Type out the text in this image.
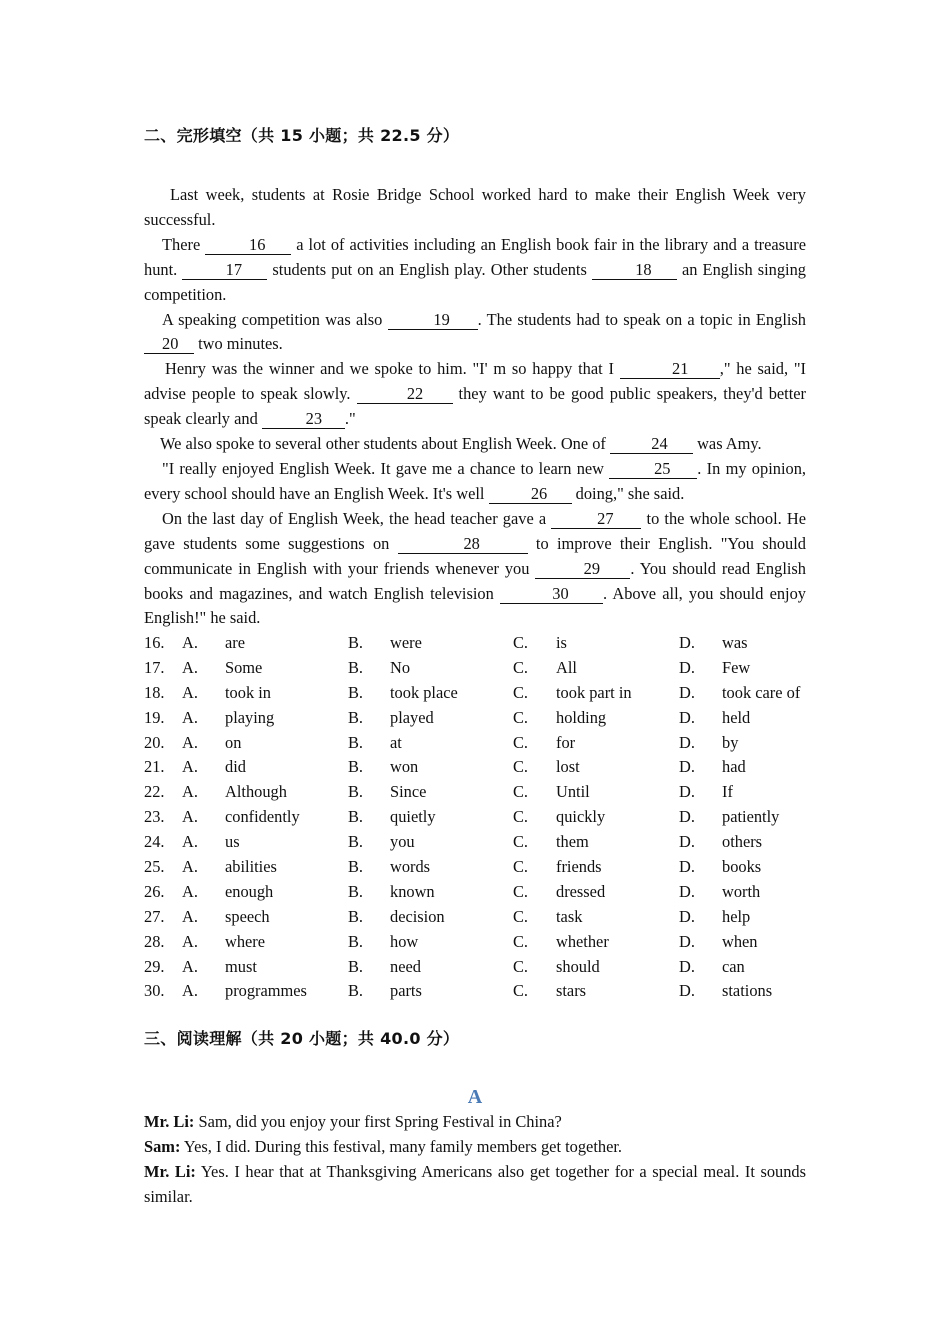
二、完形填空（共 15 小题；共 22.5 分）

Last week, students at Rosie Bridge School worked hard to make their English Week very successful.

There	16 a lot of activities including an English book fair in the library and a treasure hunt.	17 students put on an English play. Other students	18 an English singing competition.

A speaking competition was also	19 . The students had to speak on a topic in English 20 two minutes.

Henry was the winner and we spoke to him. "I' m so happy that I	21 ," he said, "I advise people to speak slowly.	22 they want to be good public speakers, they'd better speak clearly and	23 ."

We also spoke to several other students about English Week. One of	24 was Amy.

"I really enjoyed English Week. It gave me a chance to learn new	25 . In my opinion, every school should have an English Week. It's well	26 doing," she said.

On the last day of English Week, the head teacher gave a	27 to the whole school. He gave students some suggestions on	28	to improve their English. "You should communicate in English with your friends whenever you	29 . You should read English books and magazines, and watch English television	30 . Above all, you should enjoy English!" he said.

16. A. are	B. were	C. is	D. was
17. A. Some	B. No	C. All	D. Few
18. A. took in	B. took place	C. took part in	D. took care of
19. A. playing	B. played	C. holding	D. held
20. A. on	B. at	C. for	D. by
21. A. did	B. won	C. lost	D. had
22. A. Although	B. Since	C. Until	D. If
23. A. confidently	B. quietly	C. quickly	D. patiently
24. A. us	B. you	C. them	D. others
25. A. abilities	B. words	C. friends	D. books
26. A. enough	B. known	C. dressed	D. worth
27. A. speech	B. decision	C. task	D. help
28. A. where	B. how	C. whether	D. when
29. A. must	B. need	C. should	D. can
30. A. programmes	B. parts	C. stars	D. stations
三、阅读理解（共 20 小题；共 40.0 分）
A

Mr. Li: Sam, did you enjoy your first Spring Festival in China?

Sam: Yes, I did. During this festival, many family members get together.

Mr. Li: Yes. I hear that at Thanksgiving Americans also get together for a special meal. It sounds similar.
